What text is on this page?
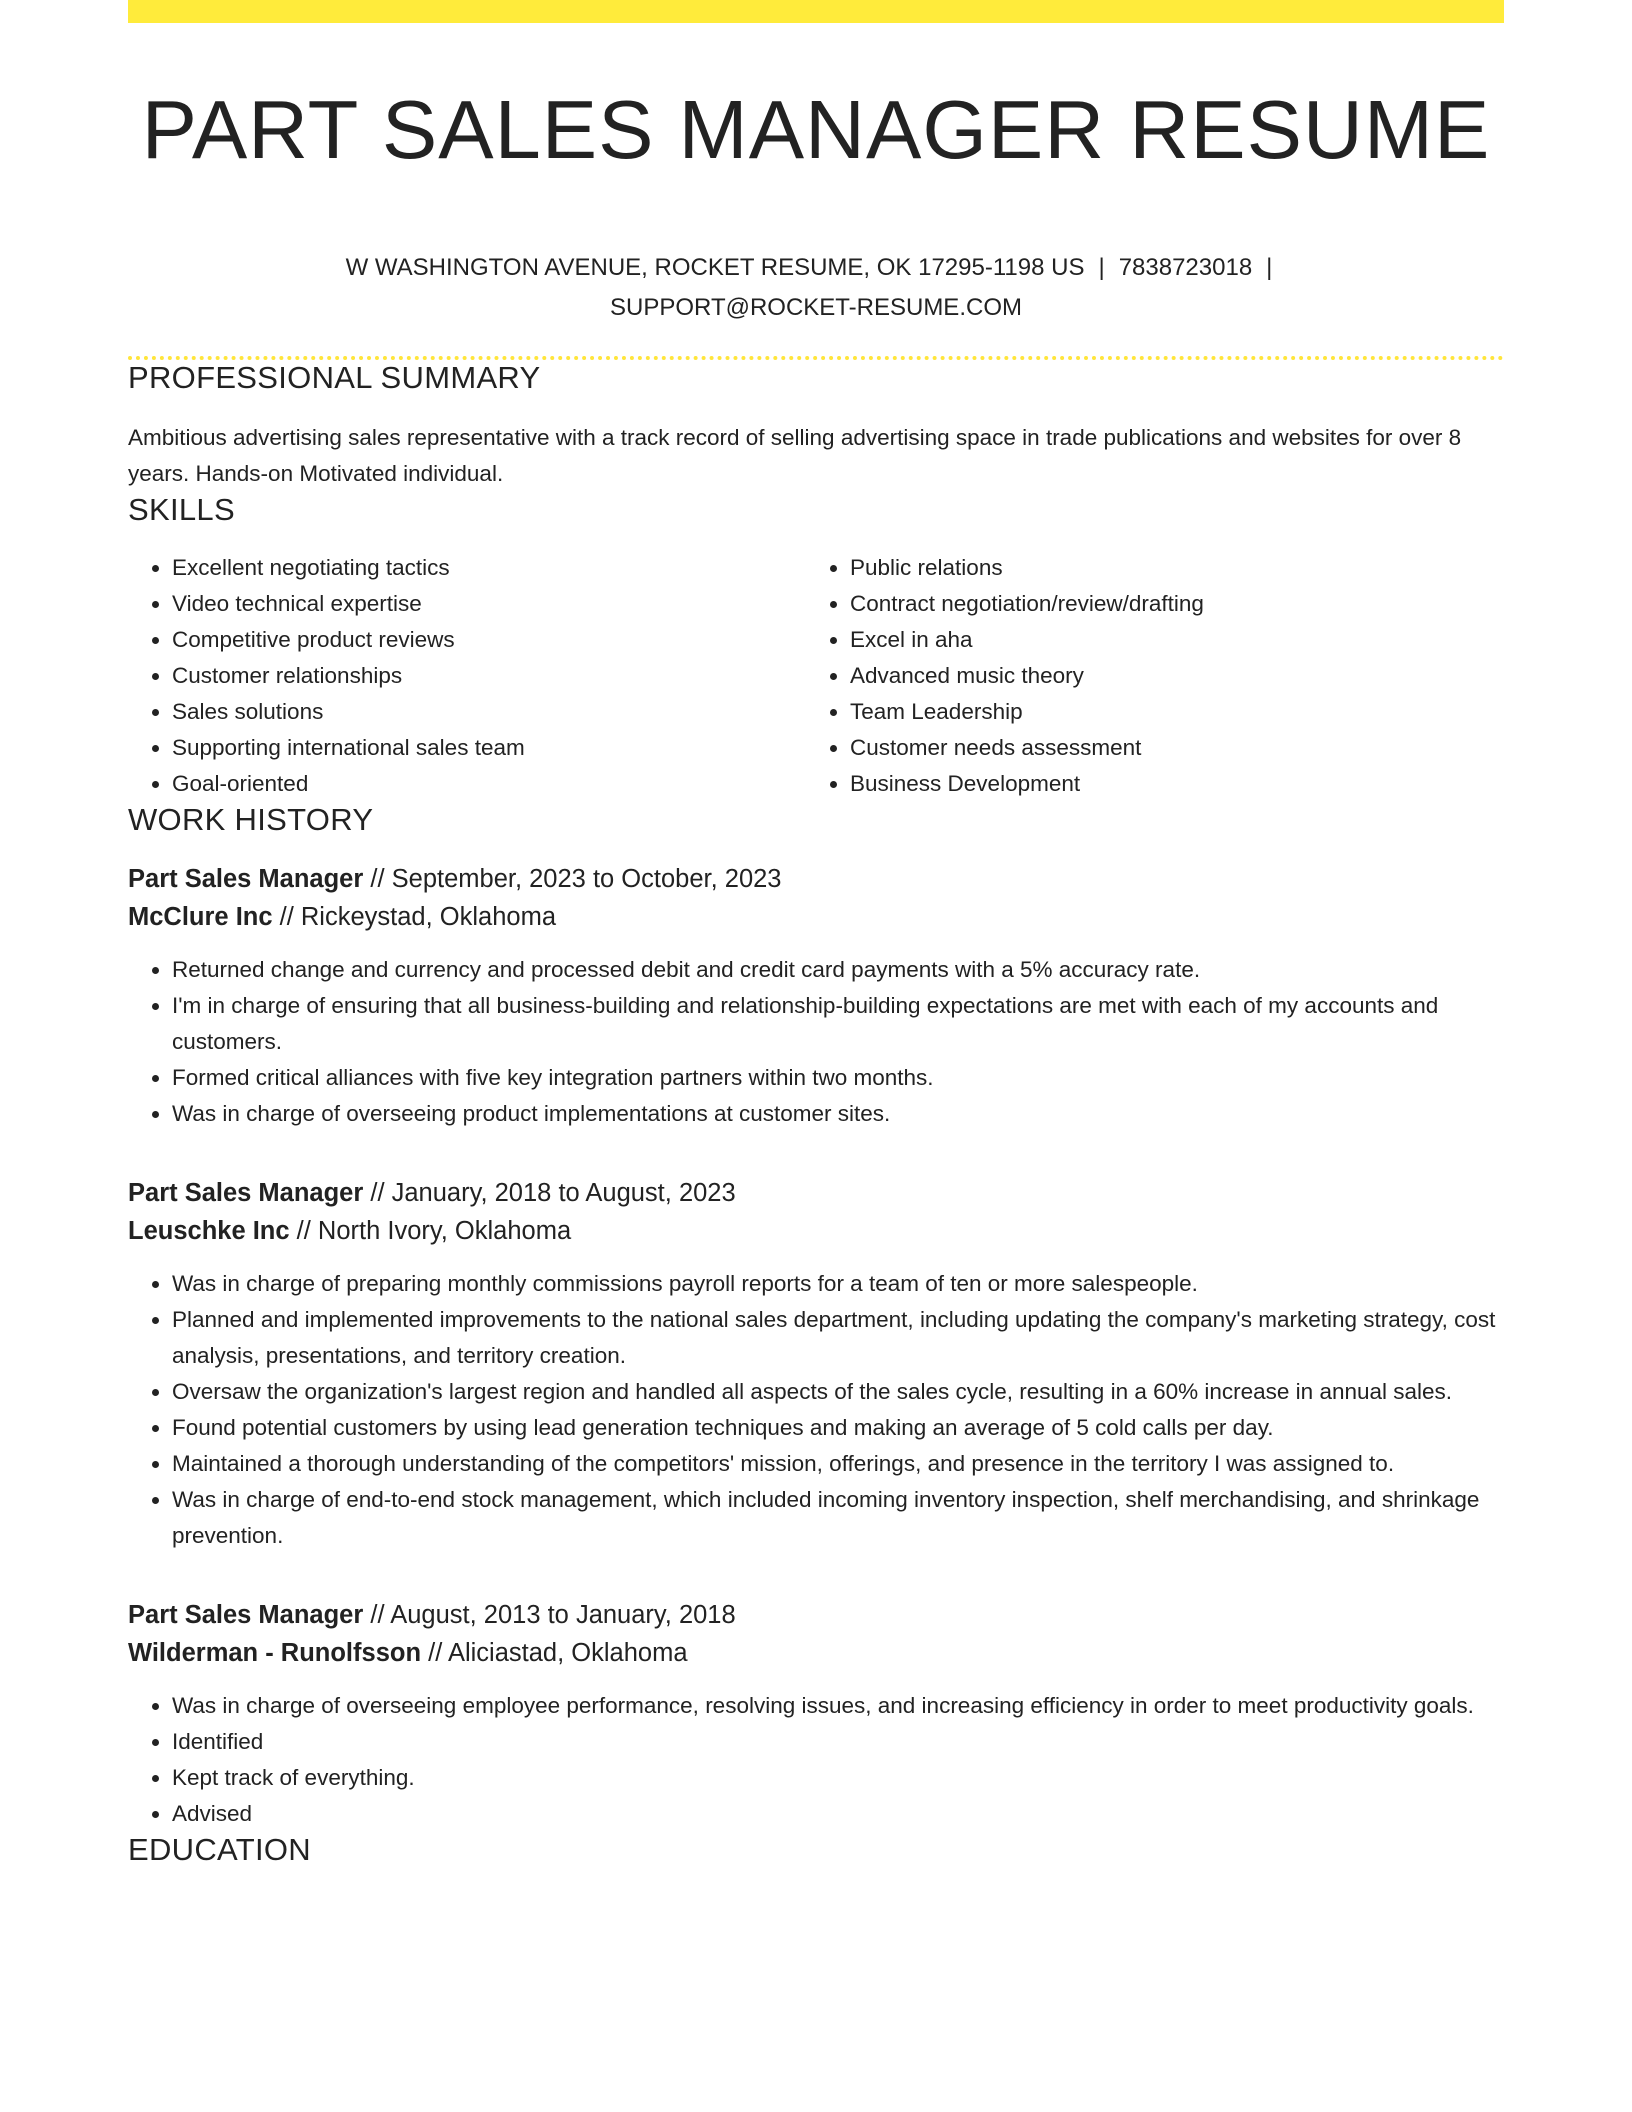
PART SALES MANAGER RESUME
W WASHINGTON AVENUE, ROCKET RESUME, OK 17295-1198 US | 7838723018 |
SUPPORT@ROCKET-RESUME.COM
PROFESSIONAL SUMMARY

Ambitious advertising sales representative with a track record of selling advertising space in trade publications and websites for over 8 years. Hands-on Motivated individual.

SKILLS
• Excellent negotiating tactics
• Video technical expertise
• Competitive product reviews
• Customer relationships
• Sales solutions
• Supporting international sales team
• Goal-oriented
• Public relations
• Contract negotiation/review/drafting
• Excel in aha
• Advanced music theory
• Team Leadership
• Customer needs assessment
• Business Development
WORK HISTORY
Part Sales Manager // September, 2023 to October, 2023
McClure Inc // Rickeystad, Oklahoma
• Returned change and currency and processed debit and credit card payments with a 5% accuracy rate.
• I'm in charge of ensuring that all business-building and relationship-building expectations are met with each of my accounts and customers.
• Formed critical alliances with five key integration partners within two months.
• Was in charge of overseeing product implementations at customer sites.
Part Sales Manager // January, 2018 to August, 2023
Leuschke Inc // North Ivory, Oklahoma
• Was in charge of preparing monthly commissions payroll reports for a team of ten or more salespeople.
• Planned and implemented improvements to the national sales department, including updating the company's marketing strategy, cost analysis, presentations, and territory creation.
• Oversaw the organization's largest region and handled all aspects of the sales cycle, resulting in a 60% increase in annual sales.
• Found potential customers by using lead generation techniques and making an average of 5 cold calls per day.
• Maintained a thorough understanding of the competitors' mission, offerings, and presence in the territory I was assigned to.
• Was in charge of end-to-end stock management, which included incoming inventory inspection, shelf merchandising, and shrinkage prevention.
Part Sales Manager // August, 2013 to January, 2018
Wilderman - Runolfsson // Aliciastad, Oklahoma
• Was in charge of overseeing employee performance, resolving issues, and increasing efficiency in order to meet productivity goals.
• Identified
• Kept track of everything.
• Advised
EDUCATION
